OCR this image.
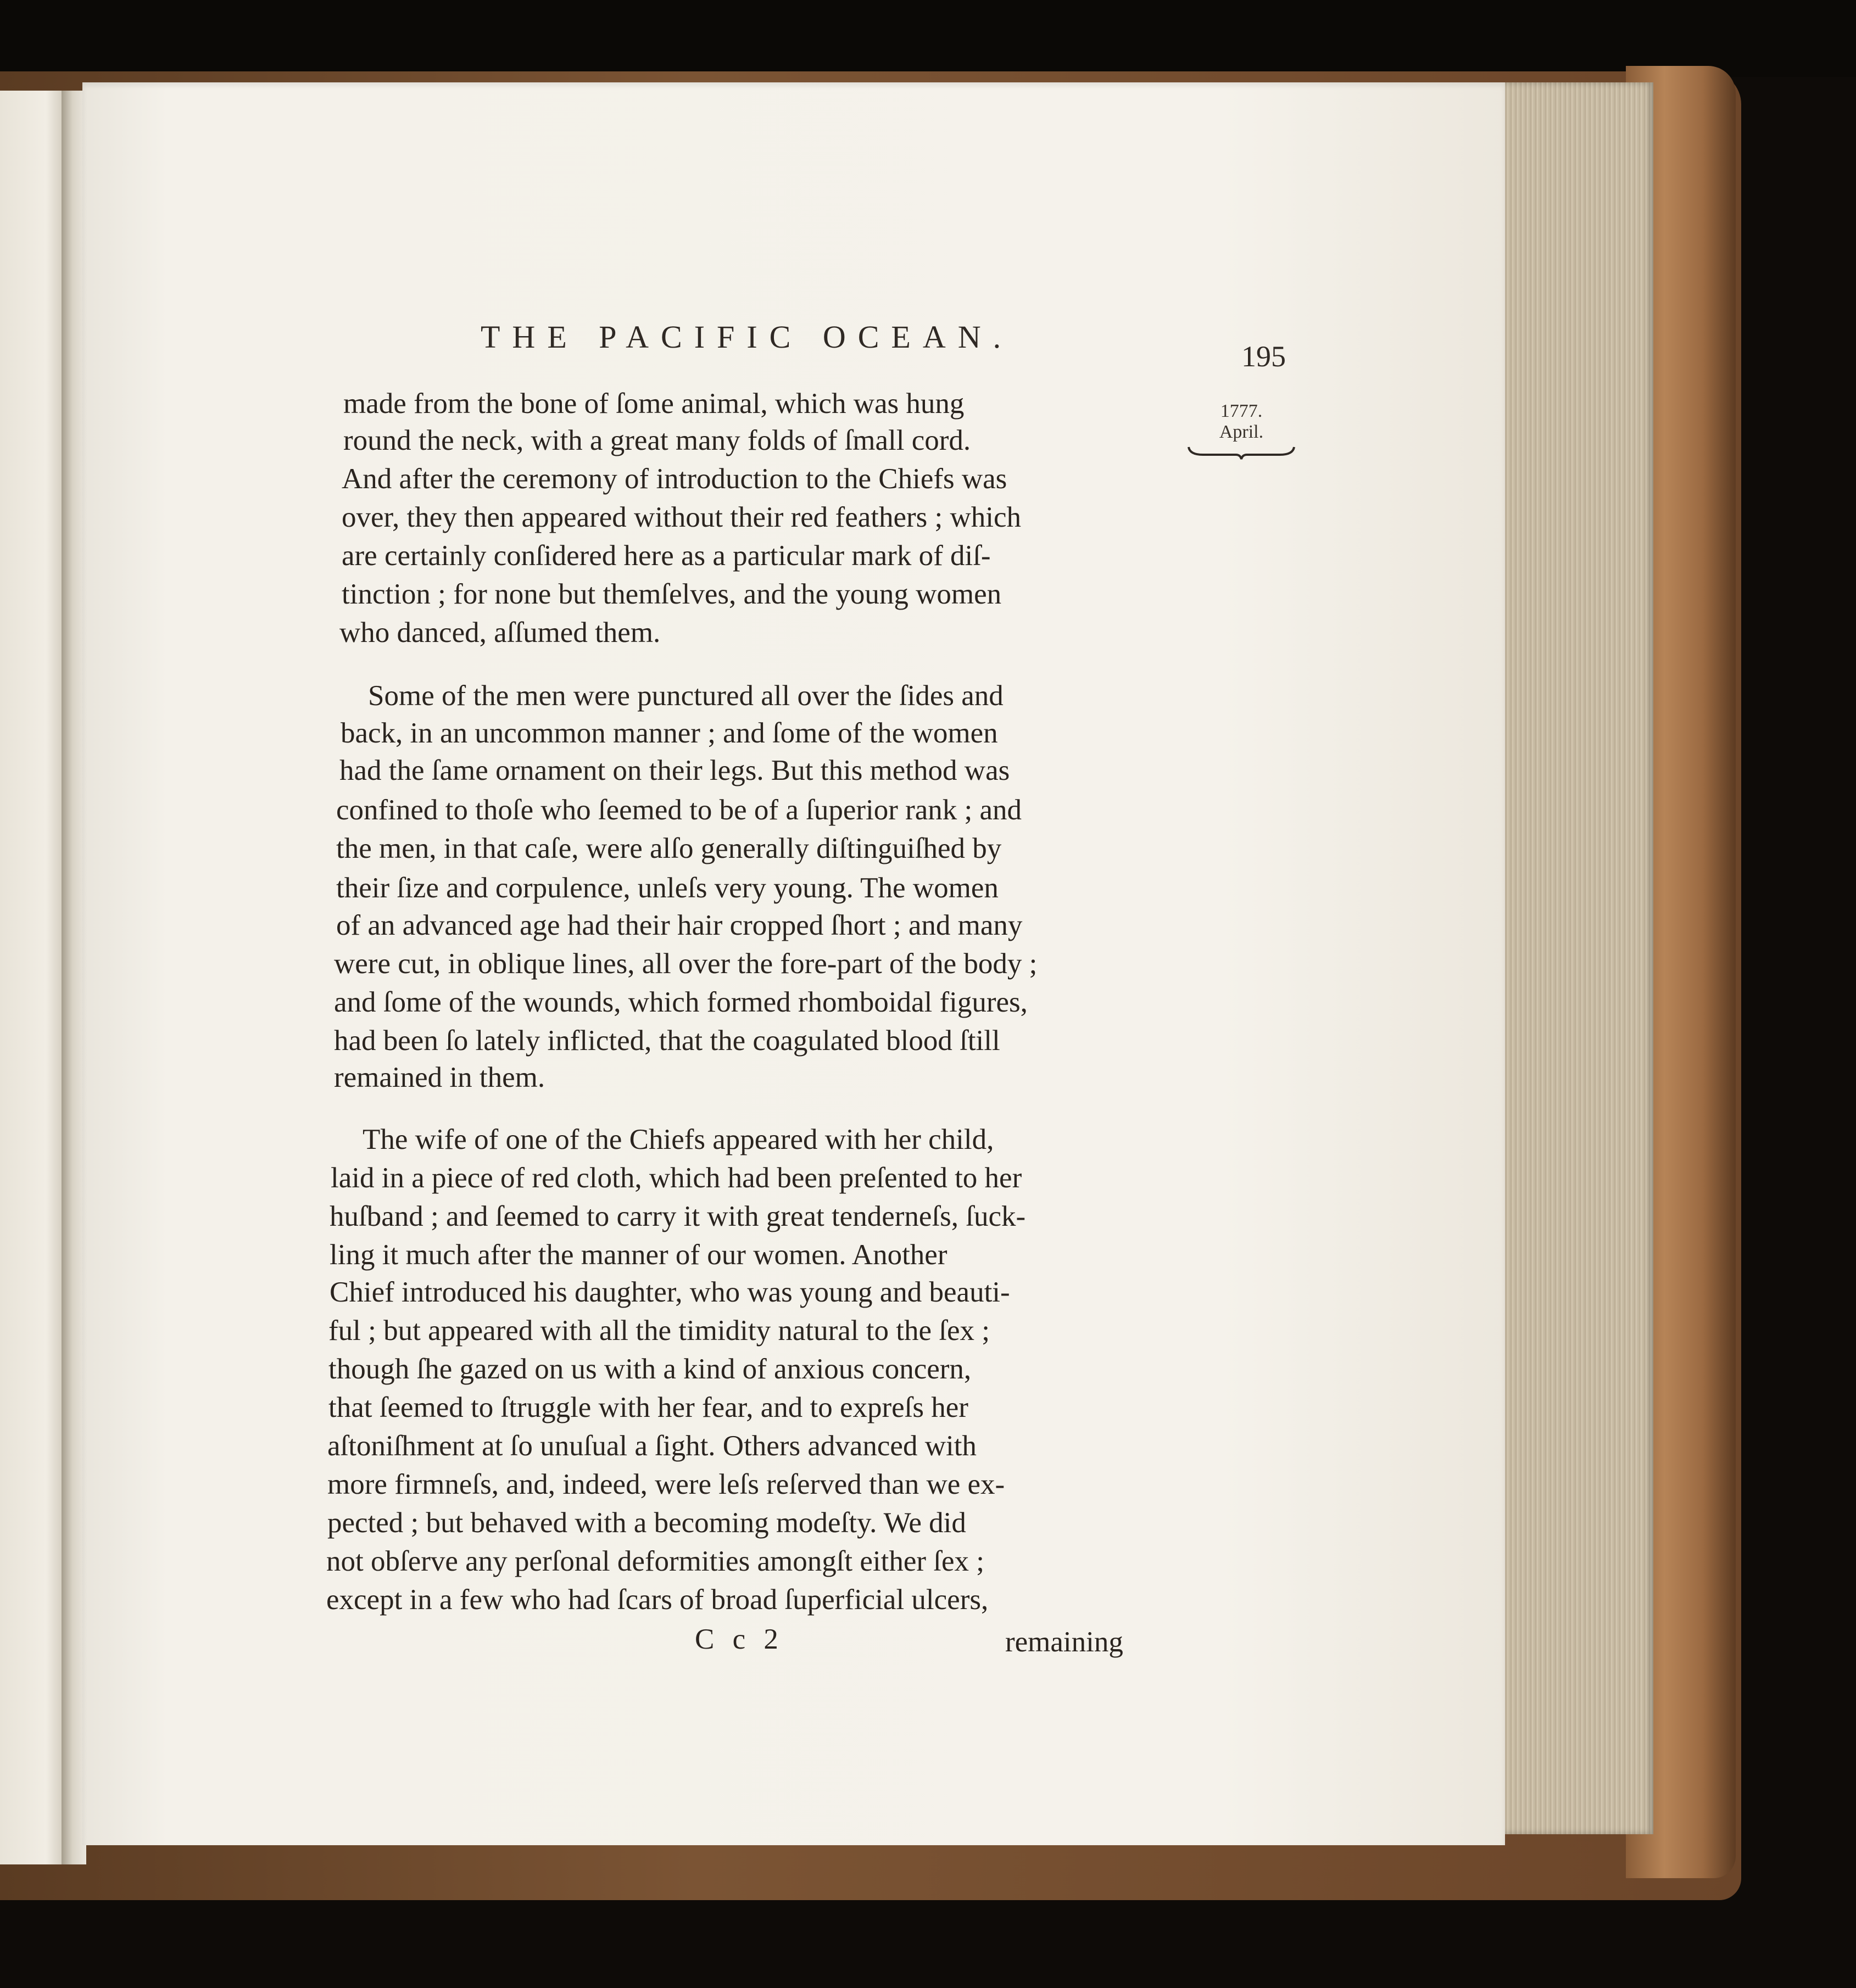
THE PACIFIC OCEAN.
195
1777.
April.
made from the bone of ſome animal, which was hung
round the neck, with a great many folds of ſmall cord.
And after the ceremony of introduction to the Chiefs was
over, they then appeared without their red feathers ; which
are certainly conſidered here as a particular mark of diſ-
tinction ; for none but themſelves, and the young women
who danced, aſſumed them.
Some of the men were punctured all over the ſides and
back, in an uncommon manner ; and ſome of the women
had the ſame ornament on their legs. But this method was
confined to thoſe who ſeemed to be of a ſuperior rank ; and
the men, in that caſe, were alſo generally diſtinguiſhed by
their ſize and corpulence, unleſs very young. The women
of an advanced age had their hair cropped ſhort ; and many
were cut, in oblique lines, all over the fore-part of the body ;
and ſome of the wounds, which formed rhomboidal figures,
had been ſo lately inflicted, that the coagulated blood ſtill
remained in them.
The wife of one of the Chiefs appeared with her child,
laid in a piece of red cloth, which had been preſented to her
huſband ; and ſeemed to carry it with great tenderneſs, ſuck-
ling it much after the manner of our women. Another
Chief introduced his daughter, who was young and beauti-
ful ; but appeared with all the timidity natural to the ſex ;
though ſhe gazed on us with a kind of anxious concern,
that ſeemed to ſtruggle with her fear, and to expreſs her
aſtoniſhment at ſo unuſual a ſight. Others advanced with
more firmneſs, and, indeed, were leſs reſerved than we ex-
pected ; but behaved with a becoming modeſty. We did
not obſerve any perſonal deformities amongſt either ſex ;
except in a few who had ſcars of broad ſuperficial ulcers,
C c 2	remaining
